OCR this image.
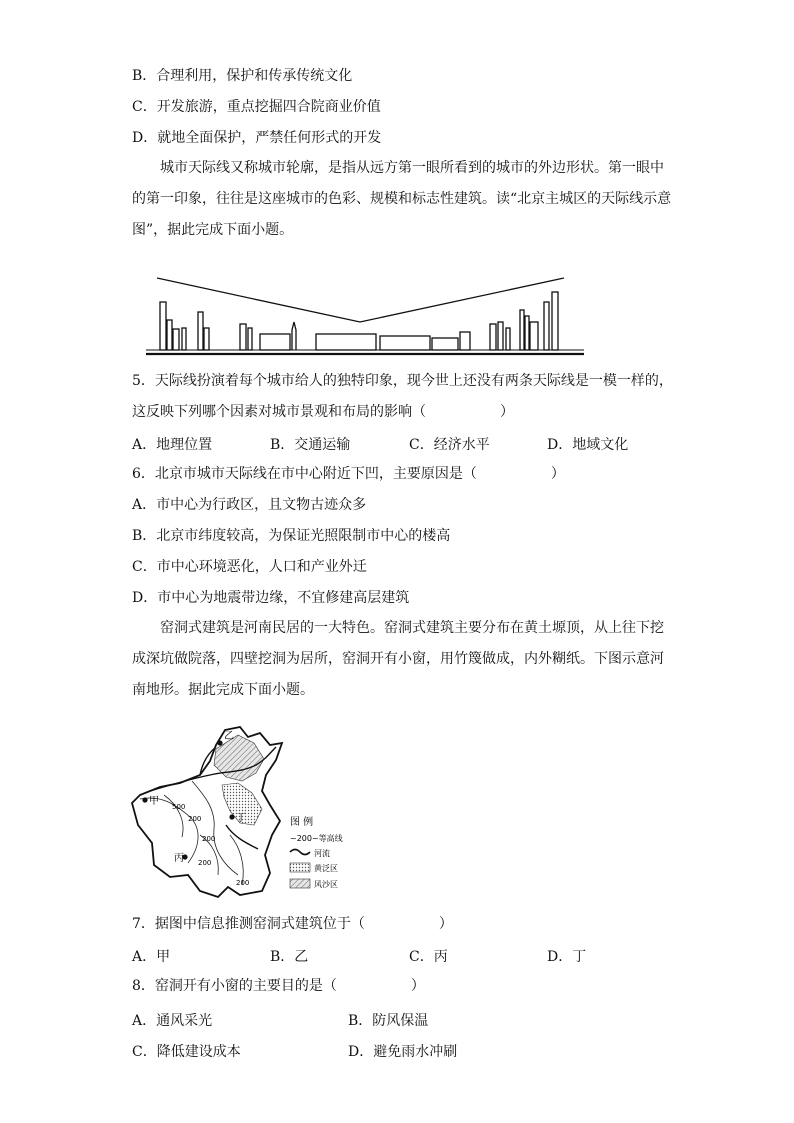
B．合理利用，保护和传承传统文化
C．开发旅游，重点挖掘四合院商业价值
D．就地全面保护，严禁任何形式的开发

城市天际线又称城市轮廓，是指从远方第一眼所看到的城市的外边形状。第一眼中的第一印象，往往是这座城市的色彩、规模和标志性建筑。读“北京主城区的天际线示意图”，据此完成下面小题。

5．天际线扮演着每个城市给人的独特印象，现今世上还没有两条天际线是一模一样的，
这反映下列哪个因素对城市景观和布局的影响（	）
A．地理位置	B．交通运输	C．经济水平	D．地域文化
6．北京市城市天际线在市中心附近下凹，主要原因是（	）
A．市中心为行政区，且文物古迹众多
B．北京市纬度较高，为保证光照限制市中心的楼高
C．市中心环境恶化，人口和产业外迁
D．市中心为地震带边缘，不宜修建高层建筑

窑洞式建筑是河南民居的一大特色。窑洞式建筑主要分布在黄土塬顶，从上往下挖成深坑做院落，四壁挖洞为居所，窑洞开有小窗，用竹篾做成，内外糊纸。下图示意河南地形。据此完成下面小题。

甲
乙
丙
丁
500
200
200
200
200
图 例
~200~等高线
河流
黄泛区
风沙区
7．据图中信息推测窑洞式建筑位于（	）
A．甲	B．乙	C．丙	D．丁
8．窑洞开有小窗的主要目的是（	）
A．通风采光	B．防风保温
C．降低建设成本	D．避免雨水冲刷
